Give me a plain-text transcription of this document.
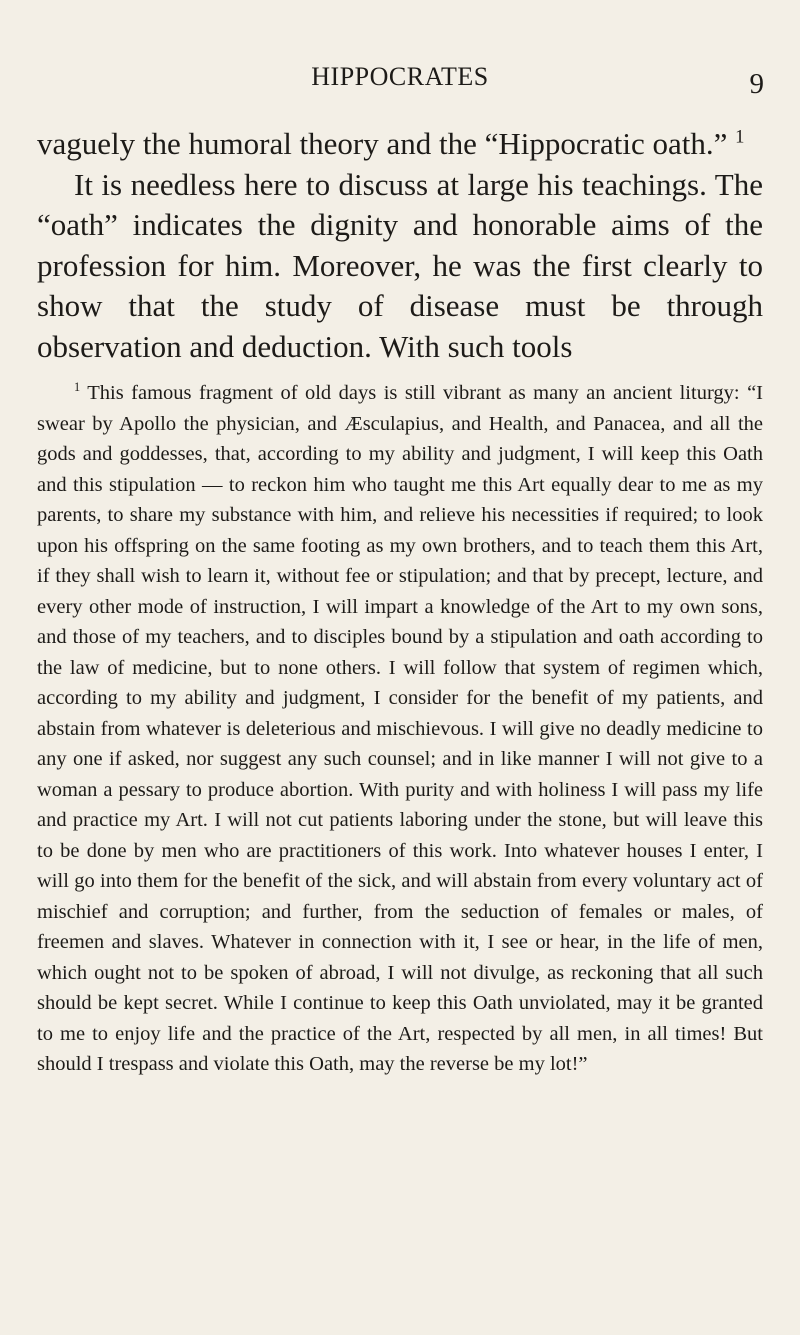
HIPPOCRATES	9

vaguely the humoral theory and the “Hippocratic oath.” $^1$

It is needless here to discuss at large his teachings. The “oath” indicates the dignity and honorable aims of the profession for him. Moreover, he was the first clearly to show that the study of disease must be through observation and deduction. With such tools

$^1$ This famous fragment of old days is still vibrant as many an ancient liturgy: “I swear by Apollo the physician, and Æsculapius, and Health, and Panacea, and all the gods and goddesses, that, according to my ability and judgment, I will keep this Oath and this stipulation — to reckon him who taught me this Art equally dear to me as my parents, to share my substance with him, and relieve his necessities if required; to look upon his offspring on the same footing as my own brothers, and to teach them this Art, if they shall wish to learn it, without fee or stipulation; and that by precept, lecture, and every other mode of instruction, I will impart a knowledge of the Art to my own sons, and those of my teachers, and to disciples bound by a stipulation and oath according to the law of medicine, but to none others. I will follow that system of regimen which, according to my ability and judgment, I consider for the benefit of my patients, and abstain from whatever is deleterious and mischievous. I will give no deadly medicine to any one if asked, nor suggest any such counsel; and in like manner I will not give to a woman a pessary to produce abortion. With purity and with holiness I will pass my life and practice my Art. I will not cut patients laboring under the stone, but will leave this to be done by men who are practitioners of this work. Into whatever houses I enter, I will go into them for the benefit of the sick, and will abstain from every voluntary act of mischief and corruption; and further, from the seduction of females or males, of freemen and slaves. Whatever in connection with it, I see or hear, in the life of men, which ought not to be spoken of abroad, I will not divulge, as reckoning that all such should be kept secret. While I continue to keep this Oath unviolated, may it be granted to me to enjoy life and the practice of the Art, respected by all men, in all times! But should I trespass and violate this Oath, may the reverse be my lot!”
